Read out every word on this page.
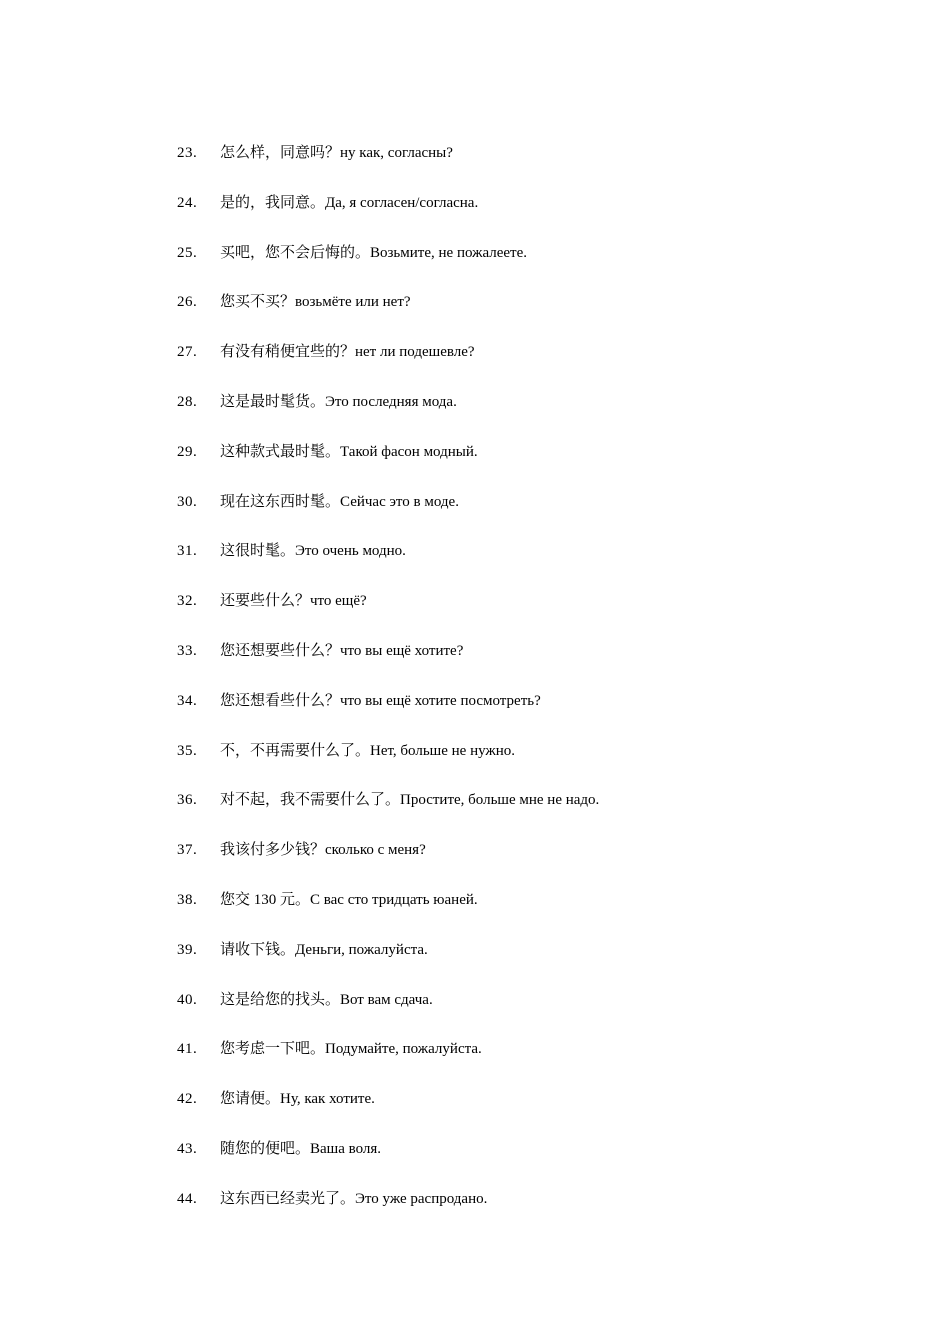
23.	怎么样，同意吗？ну как, согласны?
24.	是的，我同意。Да, я согласен/согласна.
25.	买吧，您不会后悔的。Возьмите, не пожалеете.
26.	您买不买？возьмёте или нет?
27.	有没有稍便宜些的？нет ли подешевле?
28.	这是最时髦货。Это последняя мода.
29.	这种款式最时髦。Такой фасон модный.
30.	现在这东西时髦。Сейчас это в моде.
31.	这很时髦。Это очень модно.
32.	还要些什么？что ещё?
33.	您还想要些什么？что вы ещё хотите?
34.	您还想看些什么？что вы ещё хотите посмотреть?
35.	不，不再需要什么了。Нет, больше не нужно.
36.	对不起，我不需要什么了。Простите, больше мне не надо.
37.	我该付多少钱？сколько с меня?
38.	您交 130 元。С вас сто тридцать юаней.
39.	请收下钱。Деньги, пожалуйста.
40.	这是给您的找头。Вот вам сдача.
41.	您考虑一下吧。Подумайте, пожалуйста.
42.	您请便。Ну, как хотите.
43.	随您的便吧。Ваша воля.
44.	这东西已经卖光了。Это уже распродано.
